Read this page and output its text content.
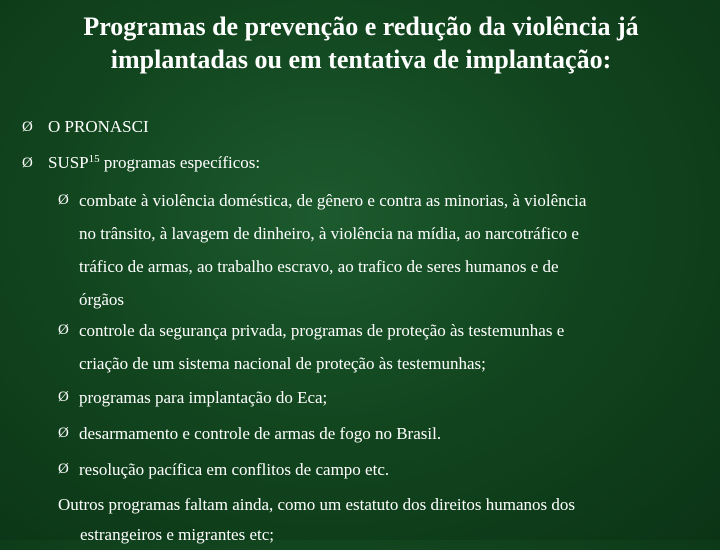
Programas de prevenção e redução da violência já
implantadas ou em tentativa de implantação:
Ø O PRONASCI
Ø SUSP$^{15}$ programas específicos:
Ø combate à violência doméstica, de gênero e contra as minorias, à violência
no trânsito, à lavagem de dinheiro, à violência na mídia, ao narcotráfico e
tráfico de armas, ao trabalho escravo, ao trafico de seres humanos e de
órgãos
Ø controle da segurança privada, programas de proteção às testemunhas e
criação de um sistema nacional de proteção às testemunhas;
Ø programas para implantação do Eca;
Ø desarmamento e controle de armas de fogo no Brasil.
Ø resolução pacífica em conflitos de campo etc.
Outros programas faltam ainda, como um estatuto dos direitos humanos dos
estrangeiros e migrantes etc;
